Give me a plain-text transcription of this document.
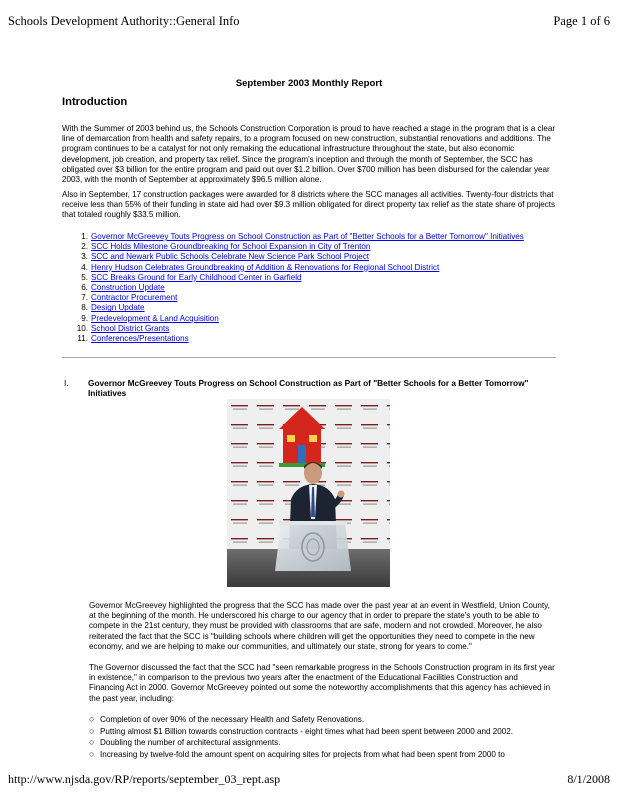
Schools Development Authority::General Info	Page 1 of 6
September 2003 Monthly Report
Introduction
With the Summer of 2003 behind us, the Schools Construction Corporation is proud to have reached a stage in the program that is a clear line of demarcation from health and safety repairs, to a program focused on new construction, substantial renovations and additions. The program continues to be a catalyst for not only remaking the educational infrastructure throughout the state, but also economic development, job creation, and property tax relief. Since the program's inception and through the month of September, the SCC has obligated over $3 billion for the entire program and paid out over $1.2 billion. Over $700 million has been disbursed for the calendar year 2003, with the month of September at approximately $96.5 million alone.
Also in September, 17 construction packages were awarded for 8 districts where the SCC manages all activities. Twenty-four districts that receive less than 55% of their funding in state aid had over $9.3 million obligated for direct property tax relief as the state share of projects that totaled roughly $33.5 million.
1. Governor McGreevey Touts Progress on School Construction as Part of "Better Schools for a Better Tomorrow" Initiatives
2. SCC Holds Milestone Groundbreaking for School Expansion in City of Trenton
3. SCC and Newark Public Schools Celebrate New Science Park School Project
4. Henry Hudson Celebrates Groundbreaking of Addition & Renovations for Regional School District
5. SCC Breaks Ground for Early Childhood Center in Garfield
6. Construction Update
7. Contractor Procurement
8. Design Update
9. Predevelopment & Land Acquisition
10. School District Grants
11. Conferences/Presentations
I.	Governor McGreevey Touts Progress on School Construction as Part of "Better Schools for a Better Tomorrow" Initiatives
Governor McGreevey highlighted the progress that the SCC has made over the past year at an event in Westfield, Union County, at the beginning of the month. He underscored his charge to our agency that in order to prepare the state's youth to be able to compete in the 21st century, they must be provided with classrooms that are safe, modern and not crowded. Moreover, he also reiterated the fact that the SCC is "building schools where children will get the opportunities they need to compete in the new economy, and we are helping to make our communities, and ultimately our state, strong for years to come."
The Governor discussed the fact that the SCC had "seen remarkable progress in the Schools Construction program in its first year in existence," in comparison to the previous two years after the enactment of the Educational Facilities Construction and Financing Act in 2000. Governor McGreevey pointed out some the noteworthy accomplishments that this agency has achieved in the past year, including:
○ Completion of over 90% of the necessary Health and Safety Renovations.
○ Putting almost $1 Billion towards construction contracts - eight times what had been spent between 2000 and 2002.
○ Doubling the number of architectural assignments.
○ Increasing by twelve-fold the amount spent on acquiring sites for projects from what had been spent from 2000 to
http://www.njsda.gov/RP/reports/september_03_rept.asp	8/1/2008
